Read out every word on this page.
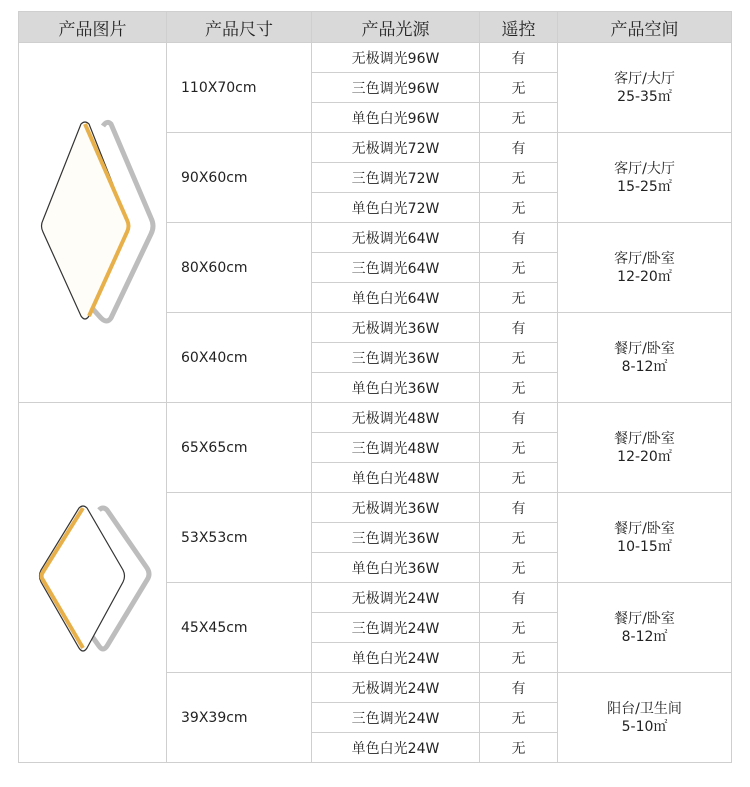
产品图片	产品尺寸	产品光源	遥控	产品空间

	110X70cm	无极调光96W	有	客厅/大厅
25-35㎡

		三色调光96W	无	
		单色白光96W	无	
	90X60cm	无极调光72W	有	客厅/大厅
15-25㎡

		三色调光72W	无	
		单色白光72W	无	
	80X60cm	无极调光64W	有	客厅/卧室
12-20㎡

		三色调光64W	无	
		单色白光64W	无	
	60X40cm	无极调光36W	有	餐厅/卧室
8-12㎡

		三色调光36W	无	
		单色白光36W	无	

	65X65cm	无极调光48W	有	餐厅/卧室
12-20㎡

		三色调光48W	无	
		单色白光48W	无	
	53X53cm	无极调光36W	有	餐厅/卧室
10-15㎡

		三色调光36W	无	
		单色白光36W	无	
	45X45cm	无极调光24W	有	餐厅/卧室
8-12㎡

		三色调光24W	无	
		单色白光24W	无	
	39X39cm	无极调光24W	有	阳台/卫生间
5-10㎡

		三色调光24W	无	
		单色白光24W	无	
